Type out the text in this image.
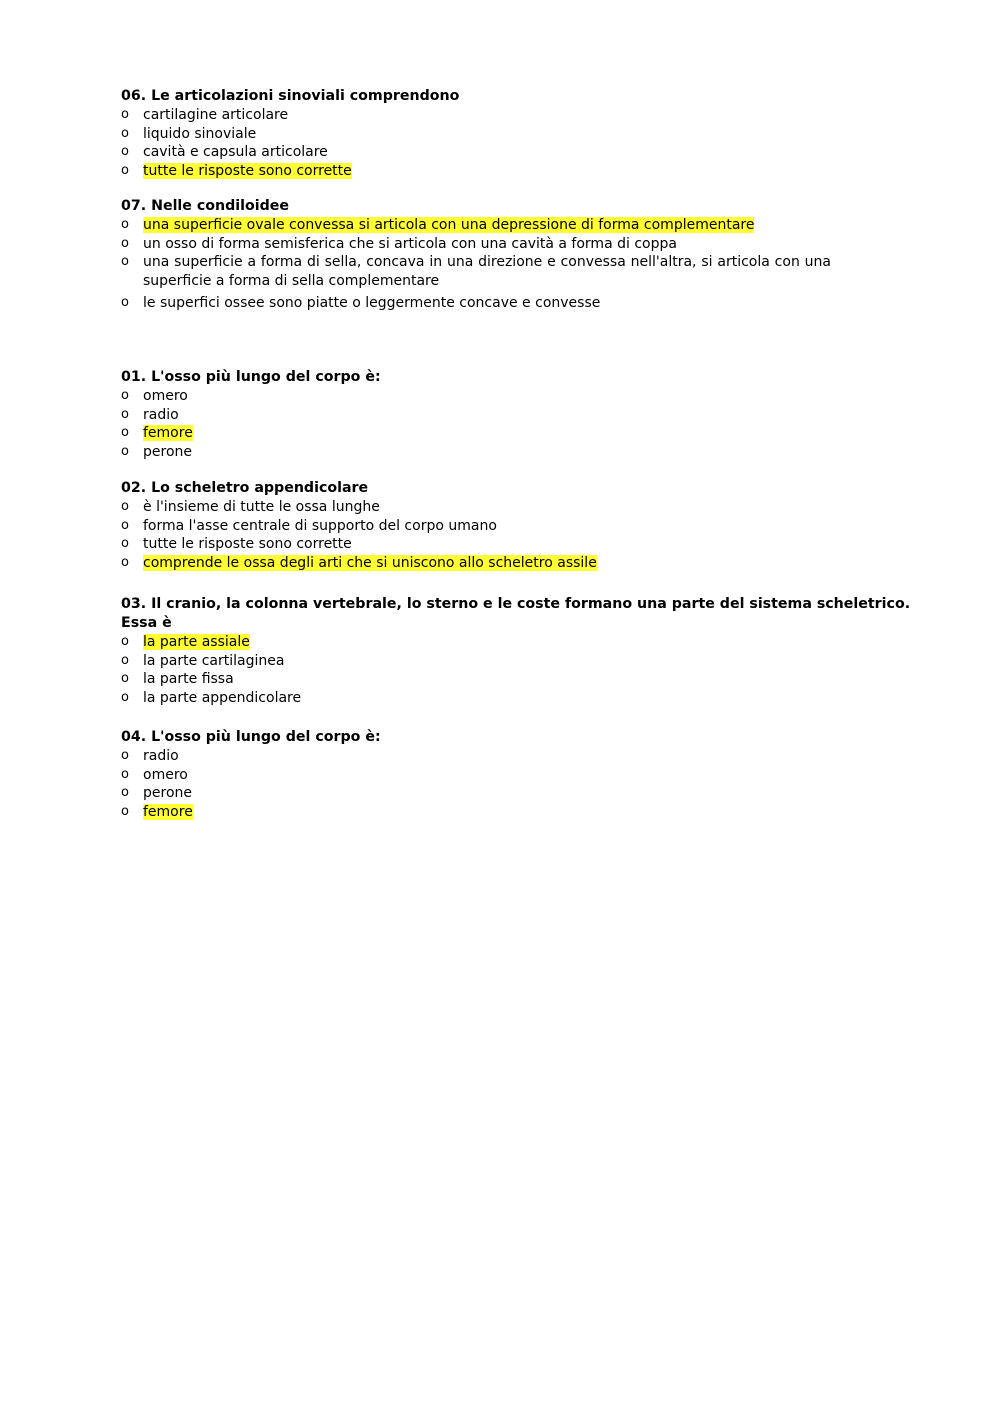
06. Le articolazioni sinoviali comprendono

o cartilagine articolare
o liquido sinoviale
o cavità e capsula articolare
o tutte le risposte sono corrette

07. Nelle condiloidee

o una superficie ovale convessa si articola con una depressione di forma complementare
o un osso di forma semisferica che si articola con una cavità a forma di coppa
o una superficie a forma di sella, concava in una direzione e convessa nell'altra, si articola con una superficie a forma di sella complementare
o le superfici ossee sono piatte o leggermente concave e convesse

01. L'osso più lungo del corpo è:

o omero
o radio
o femore
o perone

02. Lo scheletro appendicolare

o è l'insieme di tutte le ossa lunghe
o forma l'asse centrale di supporto del corpo umano
o tutte le risposte sono corrette
o comprende le ossa degli arti che si uniscono allo scheletro assile

03. Il cranio, la colonna vertebrale, lo sterno e le coste formano una parte del sistema scheletrico. Essa è

o la parte assiale
o la parte cartilaginea
o la parte fissa
o la parte appendicolare

04. L'osso più lungo del corpo è:

o radio
o omero
o perone
o femore
